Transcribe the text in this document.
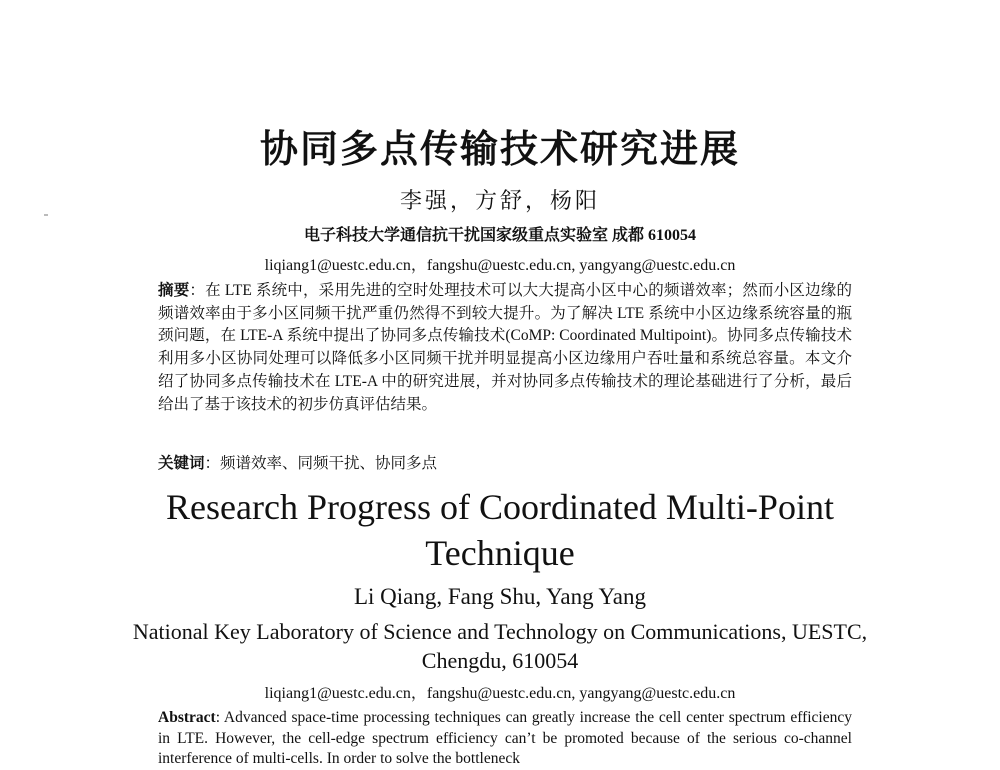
协同多点传输技术研究进展
李强，方舒，杨阳
电子科技大学通信抗干扰国家级重点实验室 成都 610054
liqiang1@uestc.edu.cn，fangshu@uestc.edu.cn, yangyang@uestc.edu.cn
摘要：在 LTE 系统中，采用先进的空时处理技术可以大大提高小区中心的频谱效率；然而小区边缘的频谱效率由于多小区同频干扰严重仍然得不到较大提升。为了解决 LTE 系统中小区边缘系统容量的瓶颈问题，在 LTE-A 系统中提出了协同多点传输技术(CoMP: Coordinated Multipoint)。协同多点传输技术利用多小区协同处理可以降低多小区同频干扰并明显提高小区边缘用户吞吐量和系统总容量。本文介绍了协同多点传输技术在 LTE-A 中的研究进展，并对协同多点传输技术的理论基础进行了分析，最后给出了基于该技术的初步仿真评估结果。
关键词：频谱效率、同频干扰、协同多点
Research Progress of Coordinated Multi-Point Technique
Li Qiang, Fang Shu, Yang Yang
National Key Laboratory of Science and Technology on Communications, UESTC, Chengdu, 610054
liqiang1@uestc.edu.cn，fangshu@uestc.edu.cn, yangyang@uestc.edu.cn
Abstract: Advanced space-time processing techniques can greatly increase the cell center spectrum efficiency in LTE. However, the cell-edge spectrum efficiency can’t be promoted because of the serious co-channel interference of multi-cells. In order to solve the bottleneck
